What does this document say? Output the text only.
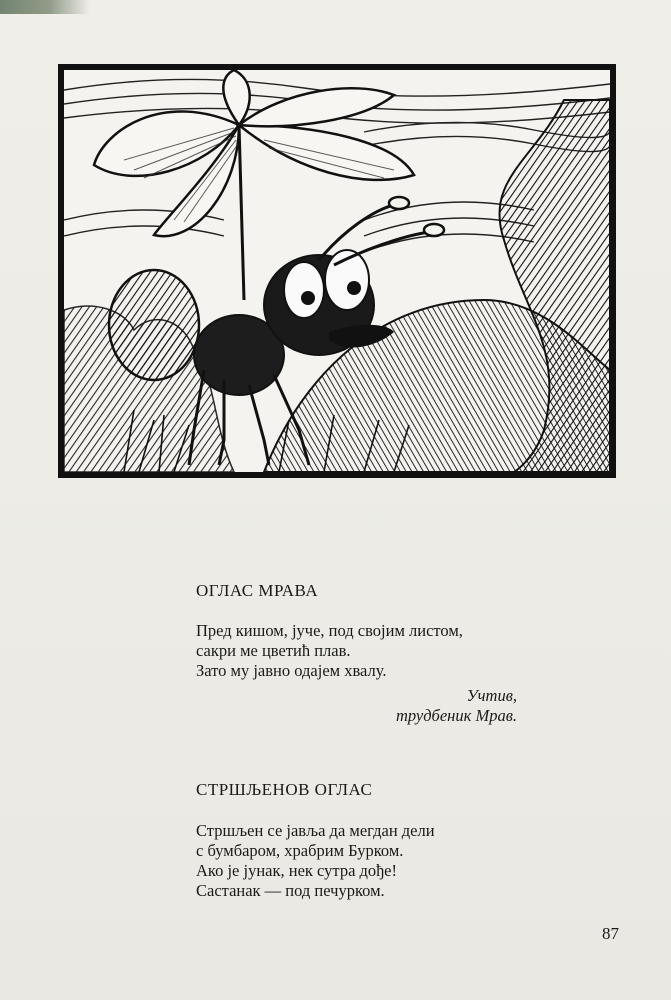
ОГЛАС МРАВА
Пред кишом, јуче, под својим листом,
сакри ме цветић плав.
Зато му јавно одајем хвалу.
Учтив,
трудбеник Мрав.
СТРШЉЕНОВ ОГЛАС
Стршљен се јавља да мегдан дели
с бумбаром, храбрим Бурком.
Ако је јунак, нек сутра дође!
Састанак — под печурком.
87
